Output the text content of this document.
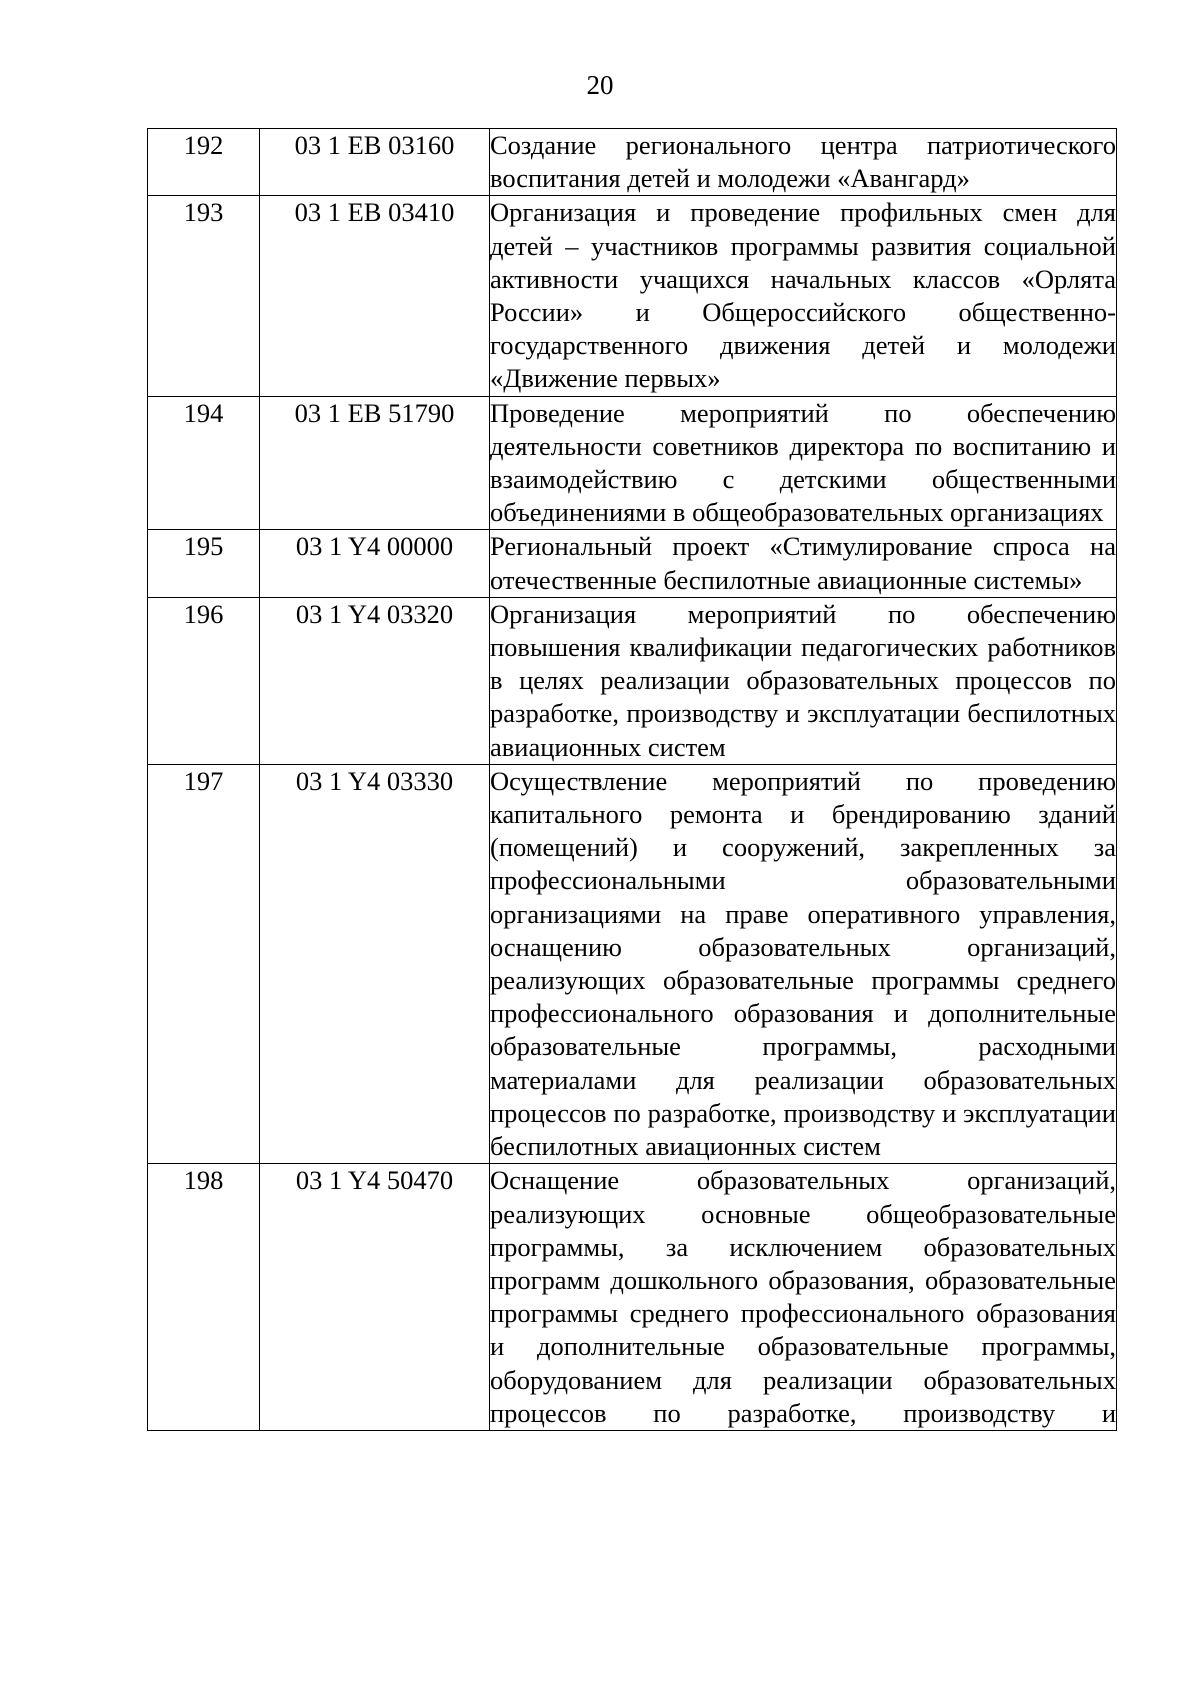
20
192	03 1 ЕВ 03160	Создание регионального центра патриотического воспитания детей и молодежи «Авангард»
193	03 1 ЕВ 03410	Организация и проведение профильных смен для детей – участников программы развития социальной активности учащихся начальных классов «Орлята России» и Общероссийского общественно-государственного движения детей и молодежи «Движение первых»
194	03 1 ЕВ 51790	Проведение мероприятий по обеспечению деятельности советников директора по воспитанию и взаимодействию с детскими общественными объединениями в общеобразовательных организациях
195	03 1 Y4 00000	Региональный проект «Стимулирование спроса на отечественные беспилотные авиационные системы»
196	03 1 Y4 03320	Организация мероприятий по обеспечению повышения квалификации педагогических работников в целях реализации образовательных процессов по разработке, производству и эксплуатации беспилотных авиационных систем
197	03 1 Y4 03330	Осуществление мероприятий по проведению капитального ремонта и брендированию зданий (помещений) и сооружений, закрепленных за профессиональными образовательными организациями на праве оперативного управления, оснащению образовательных организаций, реализующих образовательные программы среднего профессионального образования и дополнительные образовательные программы, расходными материалами для реализации образовательных процессов по разработке, производству и эксплуатации беспилотных авиационных систем
198	03 1 Y4 50470	Оснащение образовательных организаций, реализующих основные общеобразовательные программы, за исключением образовательных программ дошкольного образования, образовательные программы среднего профессионального образования и дополнительные образовательные программы, оборудованием для реализации образовательных процессов по разработке, производству и
